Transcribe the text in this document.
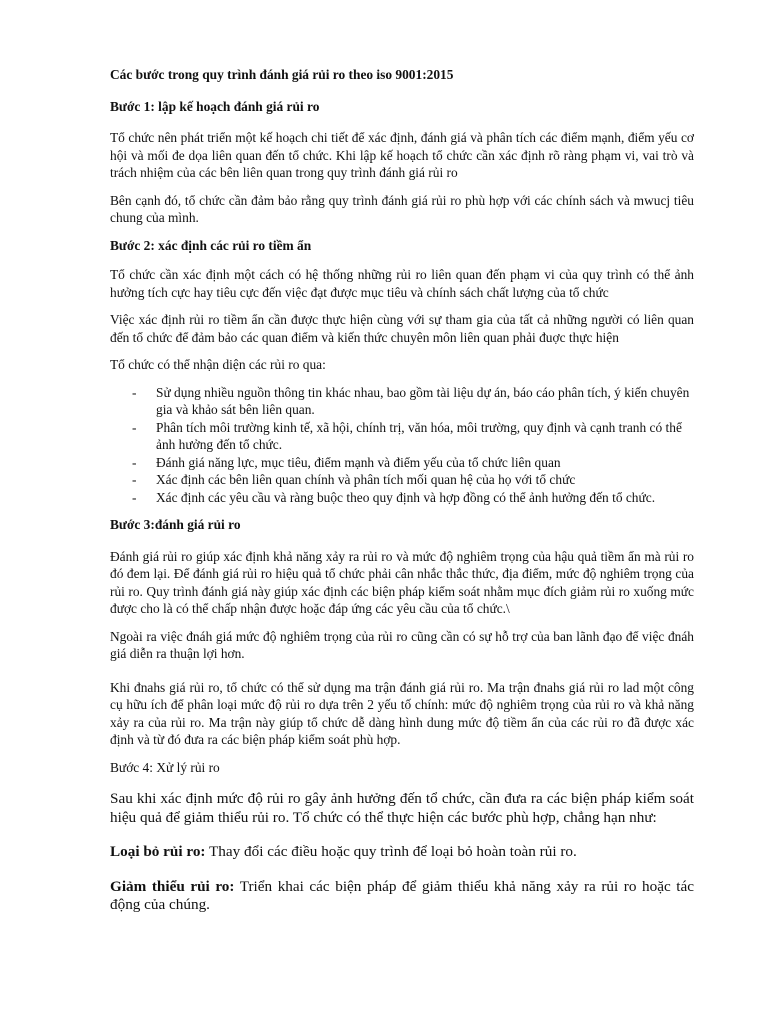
Các bước trong quy trình đánh giá rủi ro theo iso 9001:2015

Bước 1: lập kế hoạch đánh giá rủi ro

Tổ chức nên phát triển một kế hoạch chi tiết để xác định, đánh giá và phân tích các điểm mạnh, điểm yếu cơ hội và mối đe dọa liên quan đến tổ chức. Khi lập kế hoạch tổ chức cần xác định rõ ràng phạm vi, vai trò và trách nhiệm của các bên liên quan trong quy trình đánh giá rủi ro

Bên cạnh đó, tổ chức cần đảm bảo rằng quy trình đánh giá rủi ro phù hợp với các chính sách và mwucj tiêu chung của mình.

Bước 2: xác định các rủi ro tiềm ẩn

Tổ chức cần xác định một cách có hệ thống những rủi ro liên quan đến phạm vi của quy trình có thể ảnh hưởng tích cực hay tiêu cực đến việc đạt được mục tiêu và chính sách chất lượng của tổ chức

Việc xác định rủi ro tiềm ẩn cần được thực hiện cùng với sự tham gia của tất cả những người có liên quan đến tổ chức để đảm bảo các quan điểm và kiến thức chuyên môn liên quan phải đuợc thực hiện

Tổ chức có thể nhận diện các rủi ro qua:

- Sử dụng nhiều nguồn thông tin khác nhau, bao gồm tài liệu dự án, báo cáo phân tích, ý kiến chuyên gia và khảo sát bên liên quan.
- Phân tích môi trường kinh tế, xã hội, chính trị, văn hóa, môi trường, quy định và cạnh tranh có thể ảnh hưởng đến tổ chức.
- Đánh giá năng lực, mục tiêu, điểm mạnh và điểm yếu của tổ chức liên quan
- Xác định các bên liên quan chính và phân tích mối quan hệ của họ với tổ chức
- Xác định các yêu cầu và ràng buộc theo quy định và hợp đồng có thể ảnh hưởng đến tổ chức.

Bước 3:đánh giá rủi ro

Đánh giá rủi ro giúp xác định khả năng xảy ra rủi ro và mức độ nghiêm trọng của hậu quả tiềm ẩn mà rủi ro đó đem lại. Để đánh giá rủi ro hiệu quả tổ chức phải cân nhắc thắc thức, địa điểm, mức độ nghiêm trọng của rủi ro. Quy trình đánh giá này giúp xác định các biện pháp kiểm soát nhằm mục đích giảm rủi ro xuống mức được cho là có thể chấp nhận được hoặc đáp ứng các yêu cầu của tổ chức.\

Ngoài ra việc đnáh giá mức độ nghiêm trọng của rủi ro cũng cần có sự hỗ trợ của ban lãnh đạo để việc đnáh giá diễn ra thuận lợi hơn.

Khi đnahs giá rủi ro, tổ chức có thể sử dụng ma trận đánh giá rủi ro. Ma trận đnahs giá rủi ro lad một công cụ hữu ích để phân loại mức độ rủi ro dựa trên 2 yếu tố chính: mức độ nghiêm trọng của rủi ro và khả năng xảy ra của rủi ro. Ma trận này giúp tổ chức dễ dàng hình dung mức độ tiềm ẩn của các rủi ro đã được xác định và từ đó đưa ra các biện pháp kiểm soát phù hợp.

Bước 4: Xử lý rủi ro

Sau khi xác định mức độ rủi ro gây ảnh hưởng đến tổ chức, cần đưa ra các biện pháp kiểm soát hiệu quả để giảm thiểu rủi ro. Tổ chức có thể thực hiện các bước phù hợp, chẳng hạn như:

Loại bỏ rủi ro: Thay đổi các điều hoặc quy trình để loại bỏ hoàn toàn rủi ro.

Giảm thiểu rủi ro: Triển khai các biện pháp để giảm thiểu khả năng xảy ra rủi ro hoặc tác động của chúng.
